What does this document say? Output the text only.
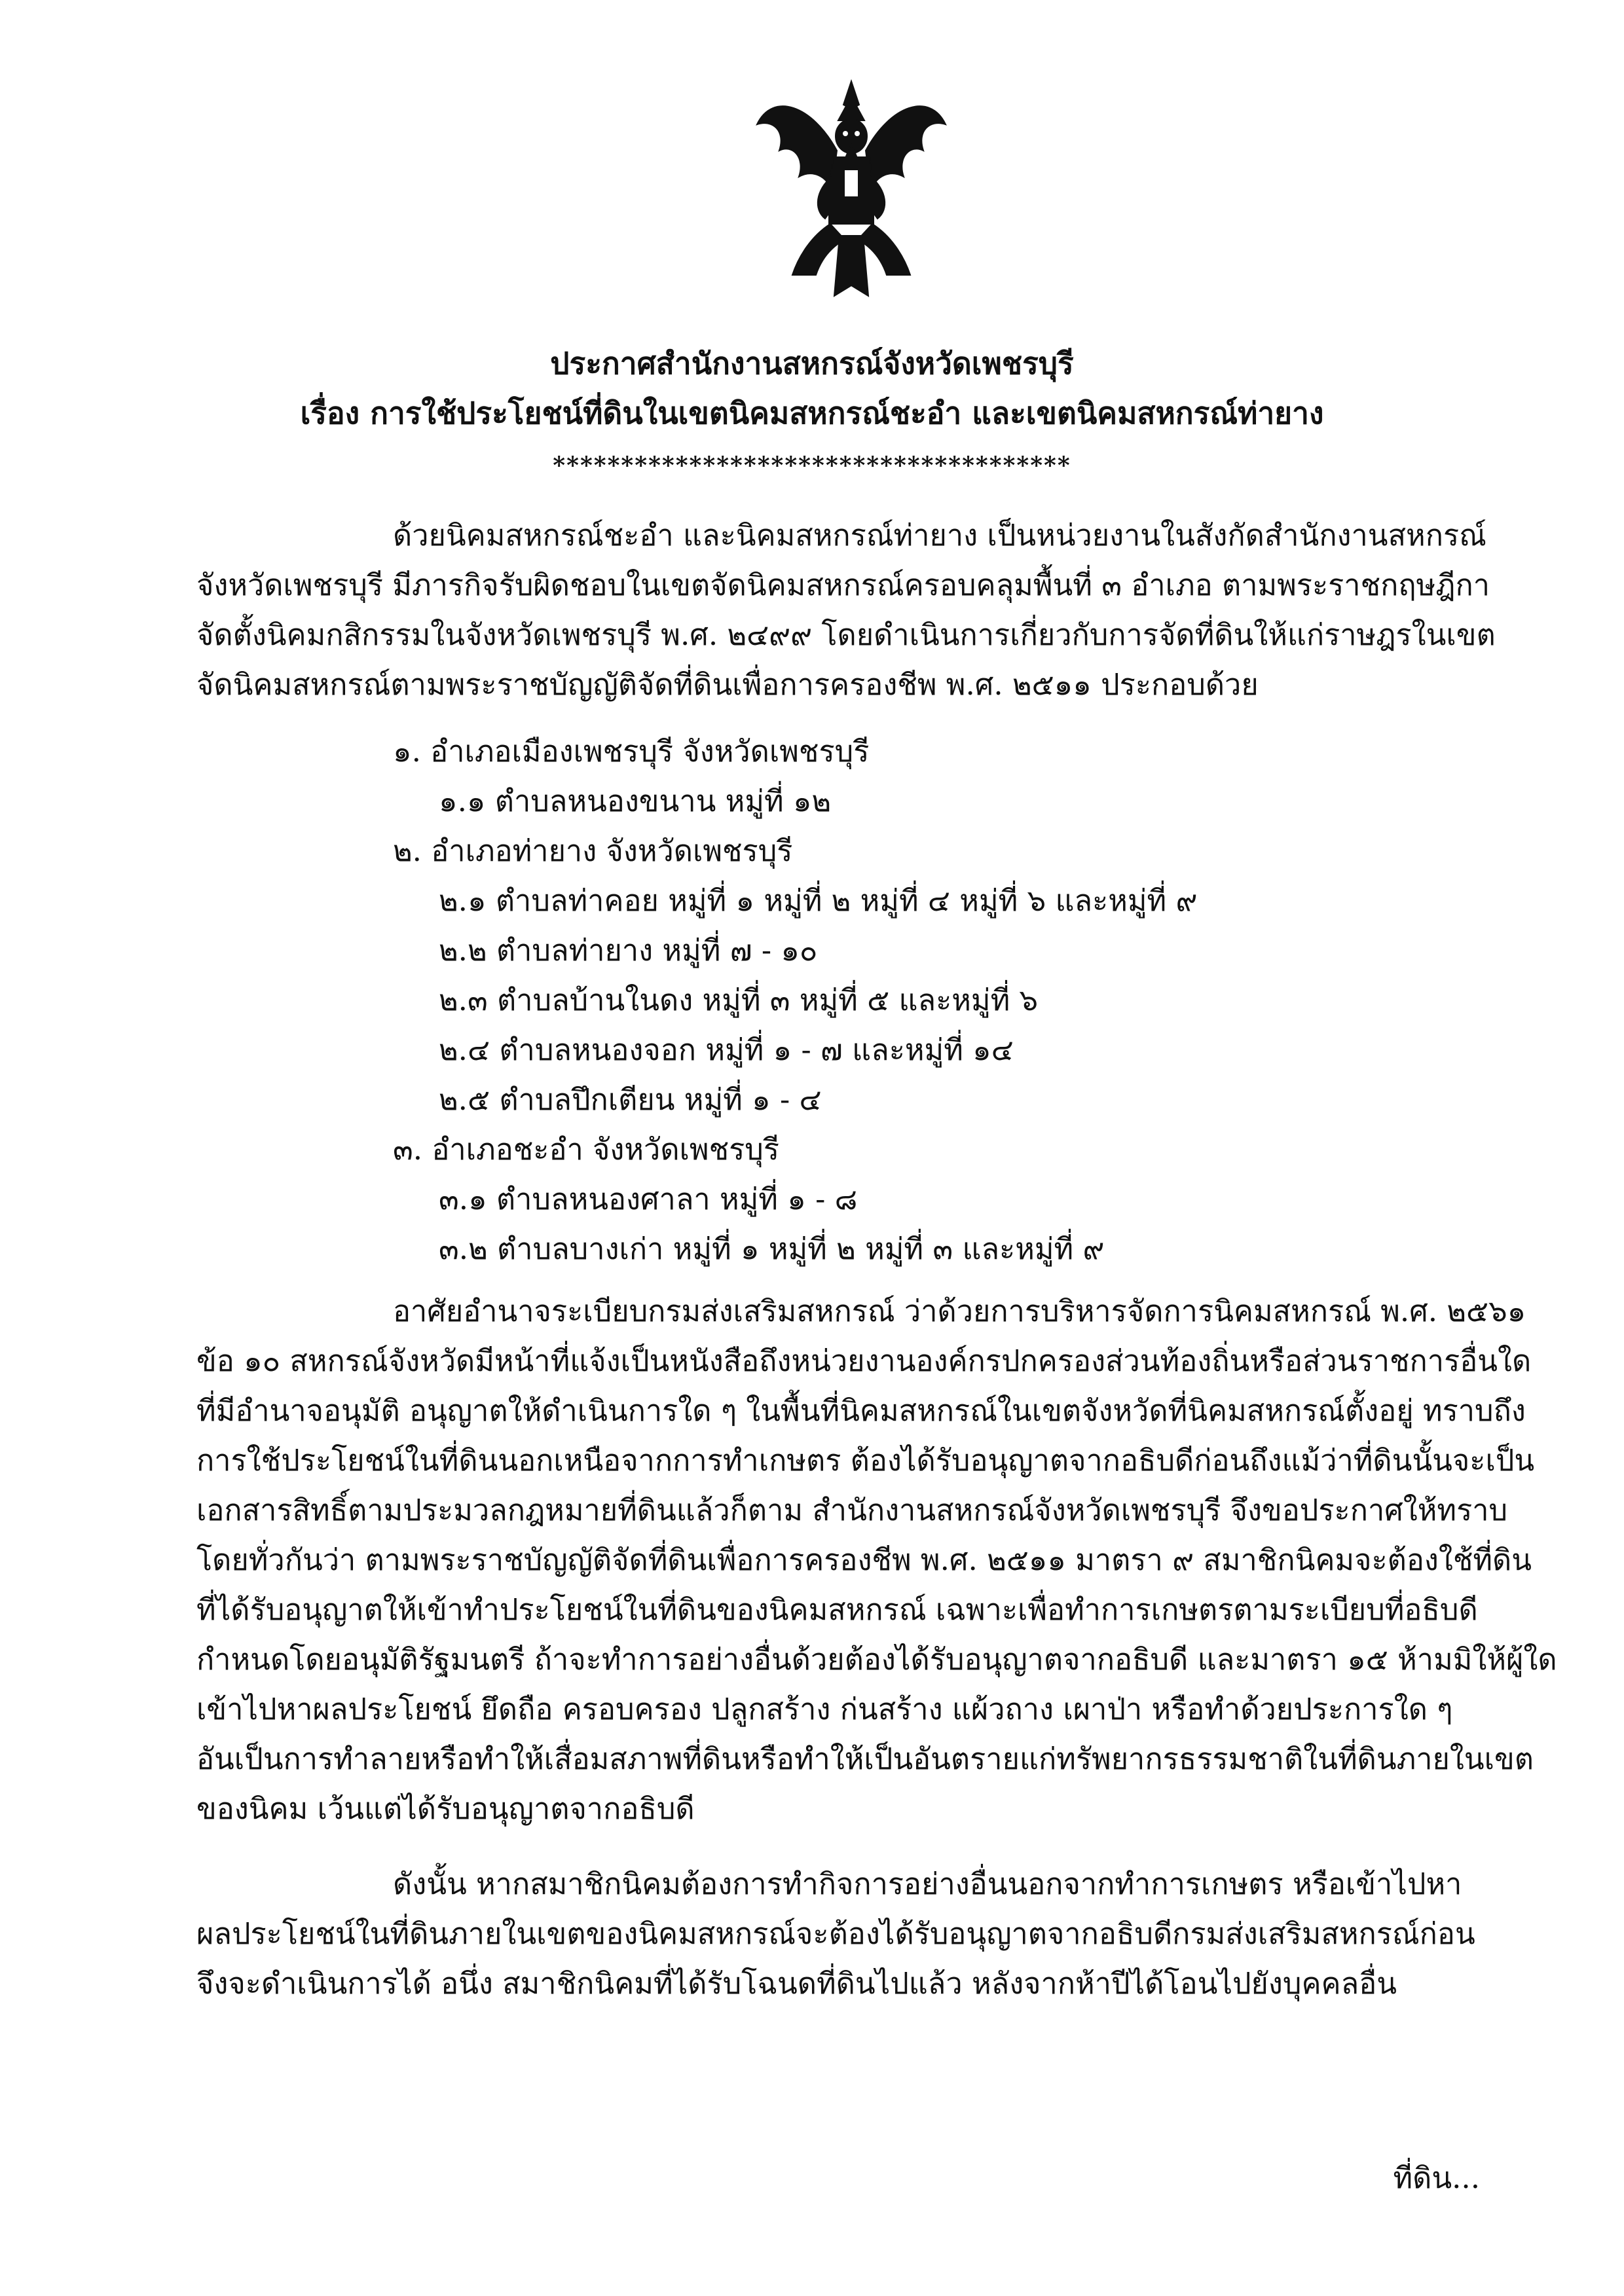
ประกาศสำนักงานสหกรณ์จังหวัดเพชรบุรี
เรื่อง การใช้ประโยชน์ที่ดินในเขตนิคมสหกรณ์ชะอำ และเขตนิคมสหกรณ์ท่ายาง
**************************************
ด้วยนิคมสหกรณ์ชะอำ และนิคมสหกรณ์ท่ายาง เป็นหน่วยงานในสังกัดสำนักงานสหกรณ์
จังหวัดเพชรบุรี มีภารกิจรับผิดชอบในเขตจัดนิคมสหกรณ์ครอบคลุมพื้นที่ ๓ อำเภอ ตามพระราชกฤษฎีกา
จัดตั้งนิคมกสิกรรมในจังหวัดเพชรบุรี พ.ศ. ๒๔๙๙ โดยดำเนินการเกี่ยวกับการจัดที่ดินให้แก่ราษฎรในเขต
จัดนิคมสหกรณ์ตามพระราชบัญญัติจัดที่ดินเพื่อการครองชีพ พ.ศ. ๒๕๑๑ ประกอบด้วย
๑. อำเภอเมืองเพชรบุรี จังหวัดเพชรบุรี
๑.๑ ตำบลหนองขนาน หมู่ที่ ๑๒
๒. อำเภอท่ายาง จังหวัดเพชรบุรี
๒.๑ ตำบลท่าคอย หมู่ที่ ๑ หมู่ที่ ๒ หมู่ที่ ๔ หมู่ที่ ๖ และหมู่ที่ ๙
๒.๒ ตำบลท่ายาง หมู่ที่ ๗ - ๑๐
๒.๓ ตำบลบ้านในดง หมู่ที่ ๓ หมู่ที่ ๕ และหมู่ที่ ๖
๒.๔ ตำบลหนองจอก หมู่ที่ ๑ - ๗ และหมู่ที่ ๑๔
๒.๕ ตำบลปึกเตียน หมู่ที่ ๑ - ๔
๓. อำเภอชะอำ จังหวัดเพชรบุรี
๓.๑ ตำบลหนองศาลา หมู่ที่ ๑ - ๘
๓.๒ ตำบลบางเก่า หมู่ที่ ๑ หมู่ที่ ๒ หมู่ที่ ๓ และหมู่ที่ ๙
อาศัยอำนาจระเบียบกรมส่งเสริมสหกรณ์ ว่าด้วยการบริหารจัดการนิคมสหกรณ์ พ.ศ. ๒๕๖๑
ข้อ ๑๐ สหกรณ์จังหวัดมีหน้าที่แจ้งเป็นหนังสือถึงหน่วยงานองค์กรปกครองส่วนท้องถิ่นหรือส่วนราชการอื่นใด
ที่มีอำนาจอนุมัติ อนุญาตให้ดำเนินการใด ๆ ในพื้นที่นิคมสหกรณ์ในเขตจังหวัดที่นิคมสหกรณ์ตั้งอยู่ ทราบถึง
การใช้ประโยชน์ในที่ดินนอกเหนือจากการทำเกษตร ต้องได้รับอนุญาตจากอธิบดีก่อนถึงแม้ว่าที่ดินนั้นจะเป็น
เอกสารสิทธิ์ตามประมวลกฎหมายที่ดินแล้วก็ตาม สำนักงานสหกรณ์จังหวัดเพชรบุรี จึงขอประกาศให้ทราบ
โดยทั่วกันว่า ตามพระราชบัญญัติจัดที่ดินเพื่อการครองชีพ พ.ศ. ๒๕๑๑ มาตรา ๙ สมาชิกนิคมจะต้องใช้ที่ดิน
ที่ได้รับอนุญาตให้เข้าทำประโยชน์ในที่ดินของนิคมสหกรณ์ เฉพาะเพื่อทำการเกษตรตามระเบียบที่อธิบดี
กำหนดโดยอนุมัติรัฐมนตรี ถ้าจะทำการอย่างอื่นด้วยต้องได้รับอนุญาตจากอธิบดี และมาตรา ๑๕ ห้ามมิให้ผู้ใด
เข้าไปหาผลประโยชน์ ยึดถือ ครอบครอง ปลูกสร้าง ก่นสร้าง แผ้วถาง เผาป่า หรือทำด้วยประการใด ๆ
อันเป็นการทำลายหรือทำให้เสื่อมสภาพที่ดินหรือทำให้เป็นอันตรายแก่ทรัพยากรธรรมชาติในที่ดินภายในเขต
ของนิคม เว้นแต่ได้รับอนุญาตจากอธิบดี
ดังนั้น หากสมาชิกนิคมต้องการทำกิจการอย่างอื่นนอกจากทำการเกษตร หรือเข้าไปหา
ผลประโยชน์ในที่ดินภายในเขตของนิคมสหกรณ์จะต้องได้รับอนุญาตจากอธิบดีกรมส่งเสริมสหกรณ์ก่อน
จึงจะดำเนินการได้ อนึ่ง สมาชิกนิคมที่ได้รับโฉนดที่ดินไปแล้ว หลังจากห้าปีได้โอนไปยังบุคคลอื่น
ที่ดิน...
